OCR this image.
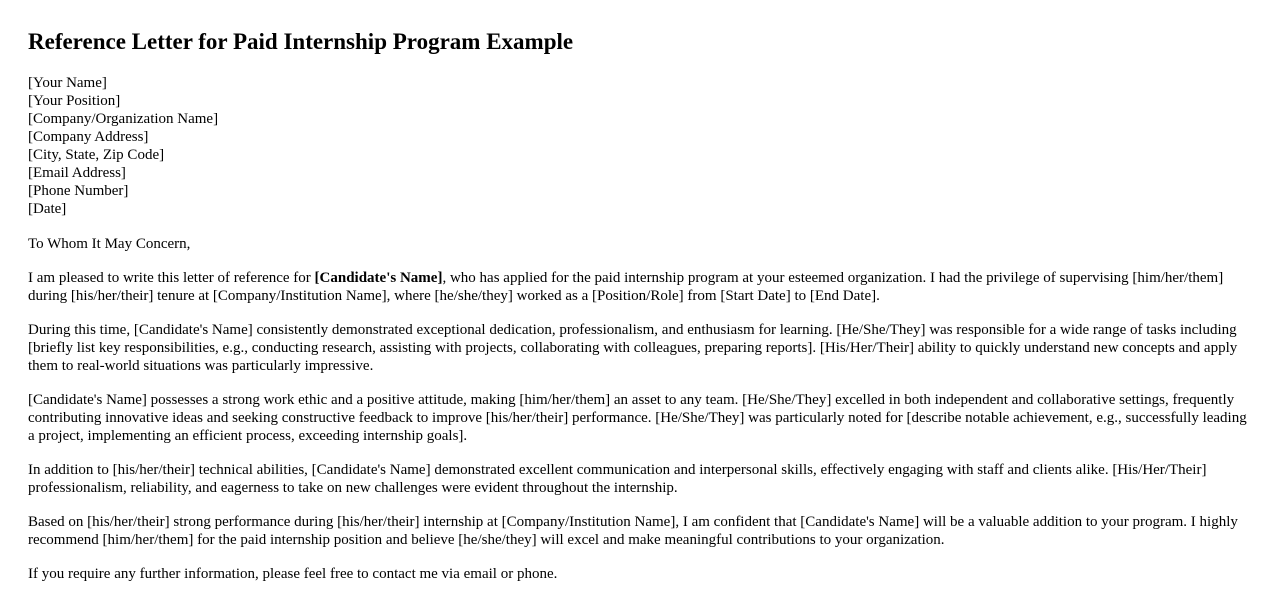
Reference Letter for Paid Internship Program Example
[Your Name]
[Your Position]
[Company/Organization Name]
[Company Address]
[City, State, Zip Code]
[Email Address]
[Phone Number]
[Date]
To Whom It May Concern,

I am pleased to write this letter of reference for [Candidate's Name], who has applied for the paid internship program at your esteemed organization. I had the privilege of supervising [him/her/them] during [his/her/their] tenure at [Company/Institution Name], where [he/she/they] worked as a [Position/Role] from [Start Date] to [End Date].

During this time, [Candidate's Name] consistently demonstrated exceptional dedication, professionalism, and enthusiasm for learning. [He/She/They] was responsible for a wide range of tasks including [briefly list key responsibilities, e.g., conducting research, assisting with projects, collaborating with colleagues, preparing reports]. [His/Her/Their] ability to quickly understand new concepts and apply them to real-world situations was particularly impressive.

[Candidate's Name] possesses a strong work ethic and a positive attitude, making [him/her/them] an asset to any team. [He/She/They] excelled in both independent and collaborative settings, frequently contributing innovative ideas and seeking constructive feedback to improve [his/her/their] performance. [He/She/They] was particularly noted for [describe notable achievement, e.g., successfully leading a project, implementing an efficient process, exceeding internship goals].

In addition to [his/her/their] technical abilities, [Candidate's Name] demonstrated excellent communication and interpersonal skills, effectively engaging with staff and clients alike. [His/Her/Their] professionalism, reliability, and eagerness to take on new challenges were evident throughout the internship.

Based on [his/her/their] strong performance during [his/her/their] internship at [Company/Institution Name], I am confident that [Candidate's Name] will be a valuable addition to your program. I highly recommend [him/her/them] for the paid internship position and believe [he/she/they] will excel and make meaningful contributions to your organization.

If you require any further information, please feel free to contact me via email or phone.
